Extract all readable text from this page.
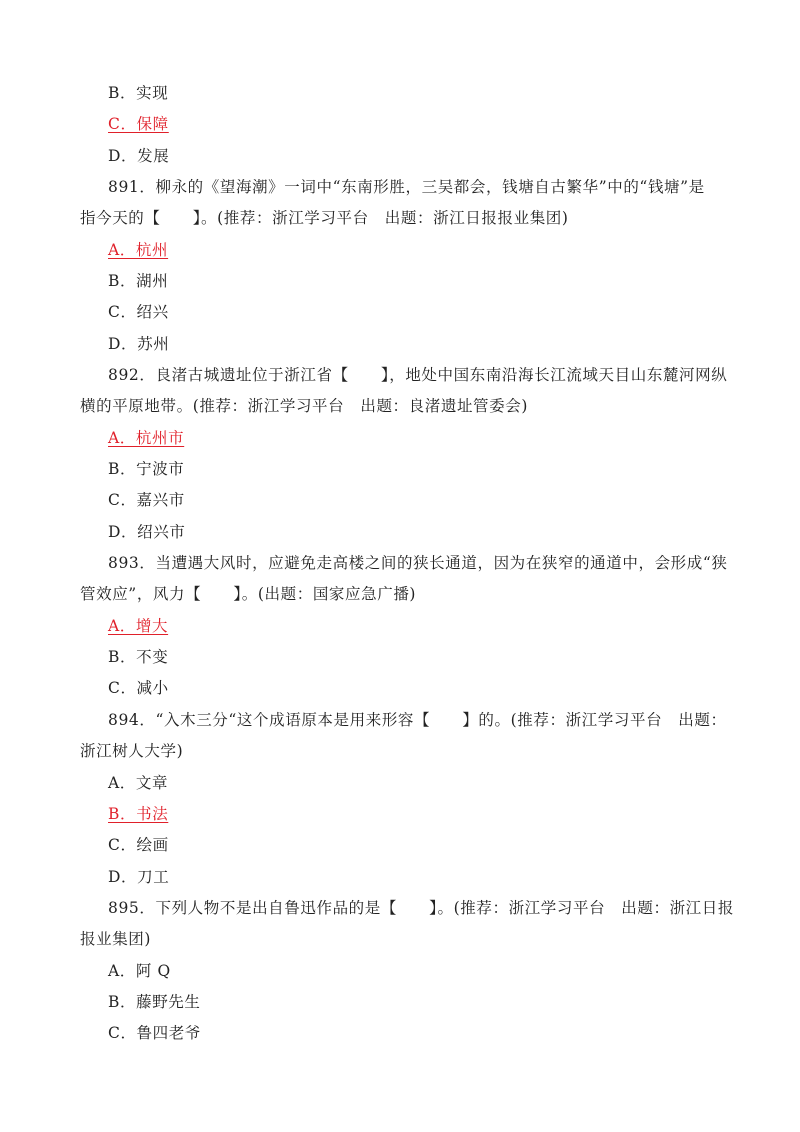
B．实现
C．保障
D．发展
891．柳永的《望海潮》一词中“东南形胜，三吴都会，钱塘自古繁华”中的“钱塘”是
指今天的【　　】。(推荐：浙江学习平台　出题：浙江日报报业集团)
A．杭州
B．湖州
C．绍兴
D．苏州
892．良渚古城遗址位于浙江省【　　】，地处中国东南沿海长江流域天目山东麓河网纵
横的平原地带。(推荐：浙江学习平台　出题：良渚遗址管委会)
A．杭州市
B．宁波市
C．嘉兴市
D．绍兴市
893．当遭遇大风时，应避免走高楼之间的狭长通道，因为在狭窄的通道中，会形成“狭
管效应”，风力【　　】。(出题：国家应急广播)
A．增大
B．不变
C．减小
894．“入木三分“这个成语原本是用来形容【　　】的。(推荐：浙江学习平台　出题：
浙江树人大学)
A．文章
B．书法
C．绘画
D．刀工
895．下列人物不是出自鲁迅作品的是【　　】。(推荐：浙江学习平台　出题：浙江日报
报业集团)
A．阿 Q
B．藤野先生
C．鲁四老爷
